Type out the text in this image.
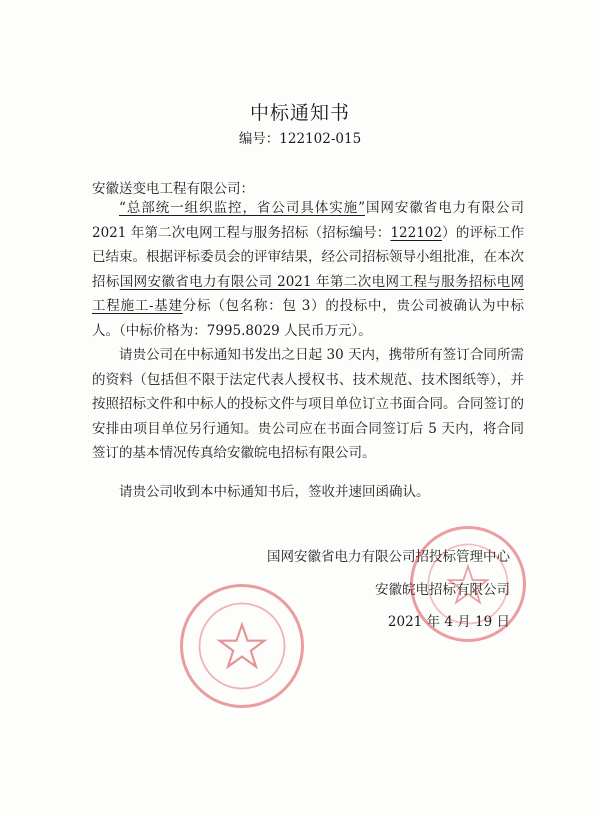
中标通知书
编号：122102-015
安徽送变电工程有限公司：
“总部统一组织监控，省公司具体实施”国网安徽省电力有限公司 2021 年第二次电网工程与服务招标（招标编号：122102）的评标工作已结束。根据评标委员会的评审结果，经公司招标领导小组批准，在本次招标国网安徽省电力有限公司 2021 年第二次电网工程与服务招标电网工程施工-基建分标（包名称：包 3）的投标中，贵公司被确认为中标人。（中标价格为：7995.8029 人民币万元）。
请贵公司在中标通知书发出之日起 30 天内，携带所有签订合同所需的资料（包括但不限于法定代表人授权书、技术规范、技术图纸等），并按照招标文件和中标人的投标文件与项目单位订立书面合同。合同签订的安排由项目单位另行通知。贵公司应在书面合同签订后 5 天内，将合同签订的基本情况传真给安徽皖电招标有限公司。
请贵公司收到本中标通知书后，签收并速回函确认。
国网安徽省电力有限公司招投标管理中心
安徽皖电招标有限公司
2021 年 4 月 19 日
